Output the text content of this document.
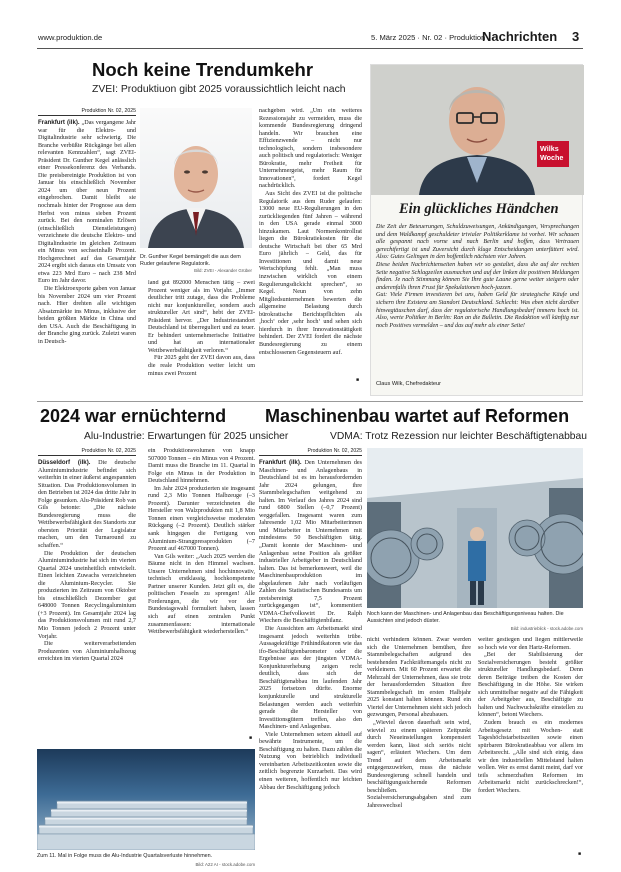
www.produktion.de	5. März 2025 · Nr. 02 · Produktion
Nachrichten 3
Noch keine Trendumkehr
ZVEI: Produktiuon gibt 2025 voraussichtlich leicht nach
Produktion Nr. 02, 2025

Frankfurt (ilk). „Das vergangene Jahr war für die Elektro- und Digitalindustrie sehr schwierig. Die Branche verbüßte Rückgänge bei allen relevanten Kennzahlen“, sagt ZVEI-Präsident Dr. Gunther Kegel anlässlich einer Pressekonferenz des Verbands. Die preisbereinigte Produktion ist von Januar bis einschließlich November 2024 um über neun Prozent eingebrochen. Damit bleibt sie nochmals hinter der Prognose aus dem Herbst von minus sieben Prozent zurück. Bei den nominalen Erlösen (einschließlich Dienstleistungen) verzeichnete die deutsche Elektro- und Digitalindustrie im gleichen Zeitraum ein Minus von sechseinhalb Prozent. Hochgerechnet auf das Gesamtjahr 2024 ergibt sich daraus ein Umsatz von etwa 223 Mrd Euro – nach 238 Mrd Euro im Jahr davor.

Die Elektroexporte gaben von Januar bis November 2024 um vier Prozent nach. Hier drehten alle wichtigen Absatzmärkte ins Minus, inklusive der beiden größten Märkte in China und den USA. Auch die Beschäftigung in der Branche ging zurück. Zuletzt waren in Deutsch-

Dr. Gunther Kegel bemängelt die aus dem Ruder gelaufene Regulatorik.
Bild: ZVEI - Alexander Grüber

land gut 892000 Menschen tätig – zwei Prozent weniger als im Vorjahr. „Immer deutlicher tritt zutage, dass die Probleme nicht nur konjunktureller, sondern auch struktureller Art sind“, hebt der ZVEI-Präsident hervor. „Der Industriestandort Deutschland ist überreguliert und zu teuer. Er behindert unternehmerische Initiative und hat an internationaler Wettbewerbsfähigkeit verloren.“

Für 2025 geht der ZVEI davon aus, dass die reale Produktion weiter leicht um minus zwei Prozent

nachgeben wird. „Um ein weiteres Rezessionsjahr zu vermeiden, muss die kommende Bundesregierung dringend handeln. Wir brauchen eine Effizienzwende – nicht nur technologisch, sondern insbesondere auch politisch und regulatorisch: Weniger Bürokratie, mehr Freiheit für Unternehmergeist, mehr Raum für Innovationen“, fordert Kegel nachdrücklich.

Aus Sicht des ZVEI ist die politische Regulatorik aus dem Ruder gelaufen: 13000 neue EU-Regulierungen in den zurückliegenden fünf Jahren – während in den USA gerade einmal 3000 hinzukamen. Laut Normenkontrollrat liegen die Bürokratiekosten für die deutsche Wirtschaft bei über 65 Mrd Euro jährlich – Geld, das für Investitionen und damit neue Wertschöpfung fehlt. „Man muss inzwischen wirklich von einem Regulierungsdickicht sprechen“, so Kegel. Neun von zehn Mitgliedsunternehmen bewerten die allgemeine Belastung durch bürokratische Berichtspflichten als ‚hoch‘ oder ‚sehr hoch‘ und sehen sich hierdurch in ihrer Innovationstätigkeit behindert. Der ZVEI fordert die nächste Bundesregierung zu einem entschlossenen Gegensteuern auf.

■
Wilks
Woche
Ein glückliches Händchen

Die Zeit der Beteuerungen, Schuldzuweisungen, Ankündigungen, Versprechungen und dem Waldkampf geschuldeter trivialer Politikerklame ist vorbei. Wir schauen alle gespannt nach vorne und nach Berlin und hoffen, dass Vertrauen gerechtfertigt ist und Zuversicht durch kluge Entscheidungen unterfüttert wird. Also: Gutes Gelingen in den hoffentlich nächsten vier Jahren.

Diese beiden Nachrichtenseiten haben wir so gestaltet, dass die auf der rechten Seite negative Schlagzeilen ausmachen und auf der linken die positiven Meldungen finden. Je nach Stimmung können Sie Ihre gute Laune gerne weiter steigern oder anderenfalls ihren Frust für Spekulationen hoch-jazzen.

Gut: Viele Firmen investieren bei uns, haben Geld für strategische Käufe und sichern ihre Existenz am Standort Deutschland. Schlecht: Was eben nicht darüber hinwegtäuschen darf, dass der regulatorische Handlungsbedarf immens hoch ist. Also, werte Politiker in Berlin: Ran an die Bulletin. Die Redaktion will künftig nur noch Positives vermelden – und das auf mehr als einer Seite!

Claus Wilk, Chefredakteur
2024 war ernüchternd
Alu-Industrie: Erwartungen für 2025 unsicher
Produktion Nr. 02, 2025

Düsseldorf (ilk). Die deutsche Aluminiumindustrie befindet sich weiterhin in einer äußerst angespannten Situation. Das Produktionsvolumen in den Betrieben ist 2024 das dritte Jahr in Folge gesunken. Alu-Präsident Rob van Gils betonte: „Die nächste Bundesregierung muss die Wettbewerbsfähigkeit des Standorts zur obersten Priorität der Legislatur machen, um den Turnaround zu schaffen.“

Die Produktion der deutschen Aluminiumindustrie hat sich im vierten Quartal 2024 uneinheitlich entwickelt. Einen leichten Zuwachs verzeichneten die Aluminium-Recycler. Sie produzierten im Zeitraum von Oktober bis einschließlich Dezember gut 648000 Tonnen Recyclingaluminium (+3 Prozent). Im Gesamtjahr 2024 lag das Produktionsvolumen mit rund 2,7 Mio Tonnen jedoch 2 Prozent unter Vorjahr.

Die weiterverarbeitenden Produzenten von Aluminiumhalbzeug erreichten im vierten Quartal 2024

ein Produktionsvolumen von knapp 507000 Tonnen – ein Minus von 4 Prozent. Damit muss die Branche im 11. Quartal in Folge ein Minus in der Produktion in Deutschland hinnehmen.

Im Jahr 2024 produzierten sie insgesamt rund 2,3 Mio Tonnen Halbzeuge (–3 Prozent). Darunter verzeichneten die Hersteller von Walzprodukten mit 1,8 Mio Tonnen einen vergleichsweise moderaten Rückgang (–2 Prozent). Deutlich stärker sank hingegen die Fertigung von Aluminium-Strangpressprodukten (–7 Prozent auf 467000 Tonnen).

Van Gils weiter: „Auch 2025 werden die Bäume nicht in den Himmel wachsen. Unsere Unternehmen sind hochinnovativ, technisch erstklassig, hochkompetente Partner unserer Kunden. Jetzt gilt es, die politischen Fesseln zu sprengen! Alle Forderungen, die wir vor der Bundestagswahl formuliert haben, lassen sich auf einen zentralen Punkt zusammenfassen: internationale Wettbewerbsfähigkeit wiederherstellen.“

■
Zum 11. Mal in Folge muss die Alu-Industrie Quartalsverluste hinnehmen.
Bild: A22 AI - stock.adobe.com
Maschinenbau wartet auf Reformen
VDMA: Trotz Rezession nur leichter Beschäftigtenabbau
Produktion Nr. 02, 2025

Frankfurt (ilk). Den Unternehmen des Maschinen- und Anlagenbaus in Deutschland ist es im herausfordernden Jahr 2024 gelungen, ihre Stammbelegschaften weitgehend zu halten. Im Verlauf des Jahres 2024 sind rund 6800 Stellen (–0,7 Prozent) weggefallen. Insgesamt waren zum Jahresende 1,02 Mio Mitarbeiterinnen und Mitarbeiter in Unternehmen mit mindestens 50 Beschäftigten tätig. „Damit konnte der Maschinen- und Anlagenbau seine Position als größter industrieller Arbeitgeber in Deutschland halten. Das ist bemerkenswert, weil die Maschinenbauproduktion im abgelaufenen Jahr nach vorläufigen Zahlen des Statistischen Bundesamts um preisbereinigt 7,5 Prozent zurückgegangen ist“, kommentiert VDMA-Chefvolkswirt Dr. Ralph Wiechers die Beschäftigtenbilanz.

Die Aussichten am Arbeitsmarkt sind insgesamt jedoch weiterhin trübe. Aussagekräftige Frühindikatoren wie das ifo-Beschäftigtenbarometer oder die Ergebnisse aus der jüngsten VDMA-Konjunkturerhebung zeigen recht deutlich, dass sich der Beschäftigtenabbau im laufenden Jahr 2025 fortsetzen dürfte. Enorme konjunkturelle und strukturelle Belastungen werden auch weiterhin gerade die Hersteller von Investitionsgütern treffen, also den Maschinen- und Anlagenbau.

Viele Unternehmen setzen aktuell auf bewährte Instrumente, um die Beschäftigung zu halten. Dazu zählen die Nutzung von betrieblich individuell vereinbarten Arbeitszeitkonten sowie die zeitlich begrenzte Kurzarbeit. Das wird einen weiteren, hoffentlich nur leichten Abbau der Beschäftigung jedoch

Noch kann der Maschinen- und Anlagenbau das Beschäftigungsniveau halten. Die Aussichten sind jedoch düster.
Bild: industrieblick - stock.adobe.com

nicht verhindern können. Zwar werden sich die Unternehmen bemühen, ihre Stammbelegschaften aufgrund des bestehenden Fachkräftemangels nicht zu verkleinern. Mit 60 Prozent erwartet die Mehrzahl der Unternehmen, dass sie trotz der herausfordernden Situation ihre Stammbelegschaft im ersten Halbjahr 2025 konstant halten können. Rund ein Viertel der Unternehmen sieht sich jedoch gezwungen, Personal abzubauen.

„Wieviel davon dauerhaft sein wird, wieviel zu einem späteren Zeitpunkt durch Neueinstellungen kompensiert werden kann, lässt sich seriös nicht sagen“, erläutert Wiechers. Um dem Trend auf dem Arbeitsmarkt entgegenzuwirken, muss die nächste Bundesregierung schnell handeln und beschäftigungssichernde Reformen beschließen. Die Sozialversicherungsabgaben sind zum Jahreswechsel

weiter gestiegen und liegen mittlerweile so hoch wie vor den Hartz-Reformen.

„Bei der Stabilisierung der Sozialversicherungen besteht größter struktureller Handlungsbedarf. Denn deren Beiträge treiben die Kosten der Beschäftigung in die Höhe. Sie wirken sich unmittelbar negativ auf die Fähigkeit der Arbeitgeber aus, Beschäftigte zu halten und Nachwuchskräfte einstellen zu können“, betont Wiechers.

Zudem brauch es ein modernes Arbeitsgesetz mit Wochen- statt Tageshöchstarbeitszeiten sowie einen spürbaren Bürokratieabbau vor allem im Arbeitsrecht. „Alle sind sich einig, dass wir den industriellen Mittelstand halten wollen. Wer es ernst damit meint, darf vor teils schmerzhaften Reformen im Arbeitsmarkt nicht zurückschrecken!“, fordert Wiechers.

■
